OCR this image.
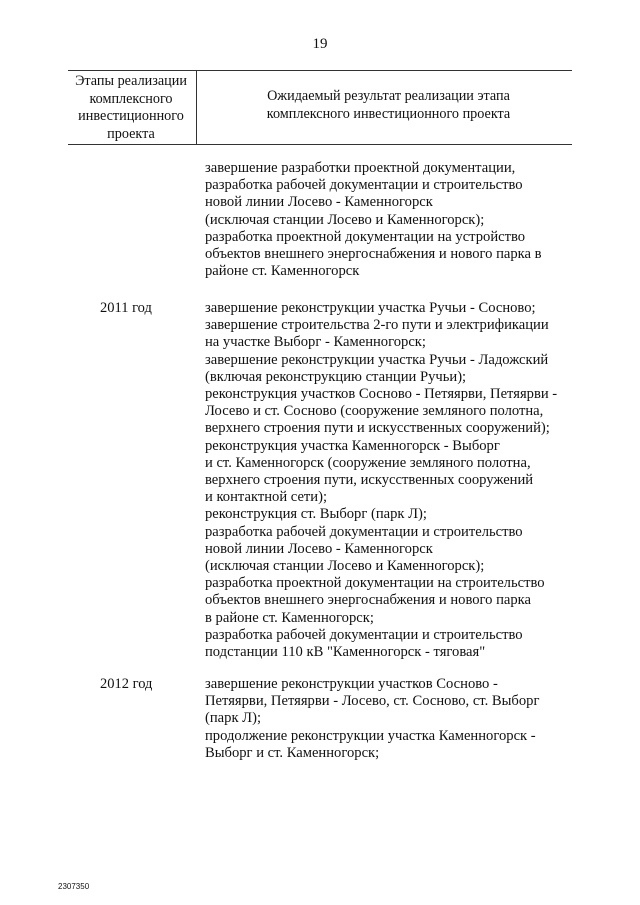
19
Этапы реализации
комплексного
инвестиционного
проекта
Ожидаемый результат реализации этапа
комплексного инвестиционного проекта
завершение разработки проектной документации,
разработка рабочей документации и строительство
новой линии Лосево - Каменногорск
(исключая станции Лосево и Каменногорск);
разработка проектной документации на устройство
объектов внешнего энергоснабжения и нового парка в
районе ст. Каменногорск
2011 год	завершение реконструкции участка Ручьи - Сосново;
завершение строительства 2-го пути и электрификации
на участке Выборг - Каменногорск;
завершение реконструкции участка Ручьи - Ладожский
(включая реконструкцию станции Ручьи);
реконструкция участков Сосново - Петяярви, Петяярви -
Лосево и ст. Сосново (сооружение земляного полотна,
верхнего строения пути и искусственных сооружений);
реконструкция участка Каменногорск - Выборг
и ст. Каменногорск (сооружение земляного полотна,
верхнего строения пути, искусственных сооружений
и контактной сети);
реконструкция ст. Выборг (парк Л);
разработка рабочей документации и строительство
новой линии Лосево - Каменногорск
(исключая станции Лосево и Каменногорск);
разработка проектной документации на строительство
объектов внешнего энергоснабжения и нового парка
в районе ст. Каменногорск;
разработка рабочей документации и строительство
подстанции 110 кВ "Каменногорск - тяговая"
2012 год	завершение реконструкции участков Сосново -
Петяярви, Петяярви - Лосево, ст. Сосново, ст. Выборг
(парк Л);
продолжение реконструкции участка Каменногорск -
Выборг и ст. Каменногорск;
2307350
